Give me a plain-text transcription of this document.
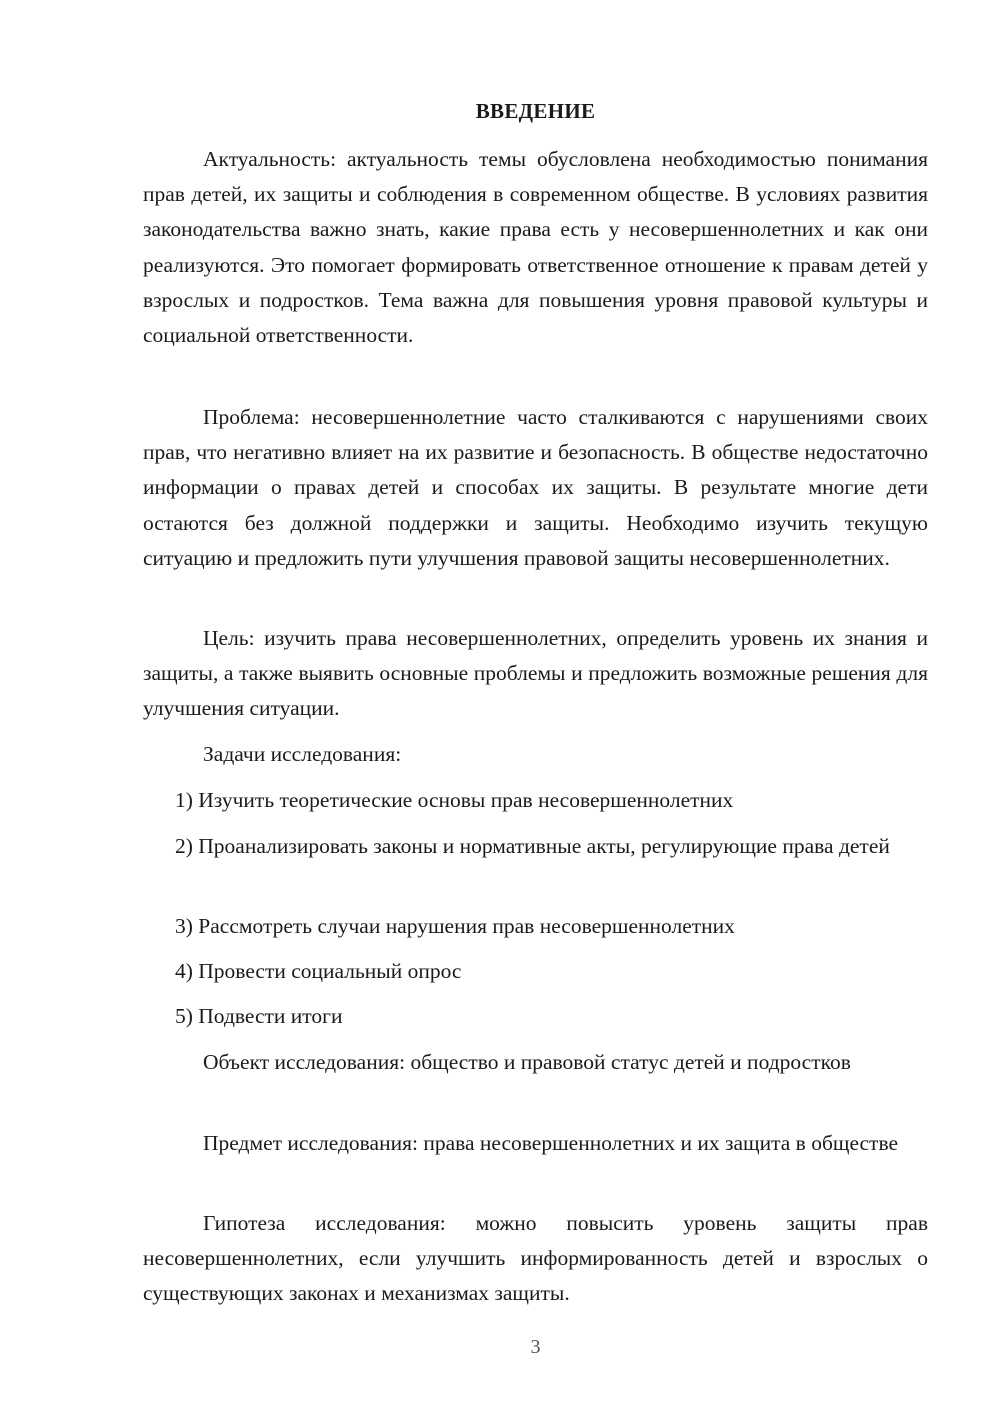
ВВЕДЕНИЕ

Актуальность: актуальность темы обусловлена необходимостью понимания прав детей, их защиты и соблюдения в современном обществе. В условиях развития законодательства важно знать, какие права есть у несовершеннолетних и как они реализуются. Это помогает формировать ответственное отношение к правам детей у взрослых и подростков. Тема важна для повышения уровня правовой культуры и социальной ответственности.

Проблема: несовершеннолетние часто сталкиваются с нарушениями своих прав, что негативно влияет на их развитие и безопасность. В обществе недостаточно информации о правах детей и способах их защиты. В результате многие дети остаются без должной поддержки и защиты. Необходимо изучить текущую ситуацию и предложить пути улучшения правовой защиты несовершеннолетних.

Цель: изучить права несовершеннолетних, определить уровень их знания и защиты, а также выявить основные проблемы и предложить возможные решения для улучшения ситуации.

Задачи исследования:

1) Изучить теоретические основы прав несовершеннолетних

2) Проанализировать законы и нормативные акты, регулирующие права детей

3) Рассмотреть случаи нарушения прав несовершеннолетних

4) Провести социальный опрос

5) Подвести итоги

Объект исследования: общество и правовой статус детей и подростков

Предмет исследования: права несовершеннолетних и их защита в обществе

Гипотеза исследования: можно повысить уровень защиты прав несовершеннолетних, если улучшить информированность детей и взрослых о существующих законах и механизмах защиты.

3
